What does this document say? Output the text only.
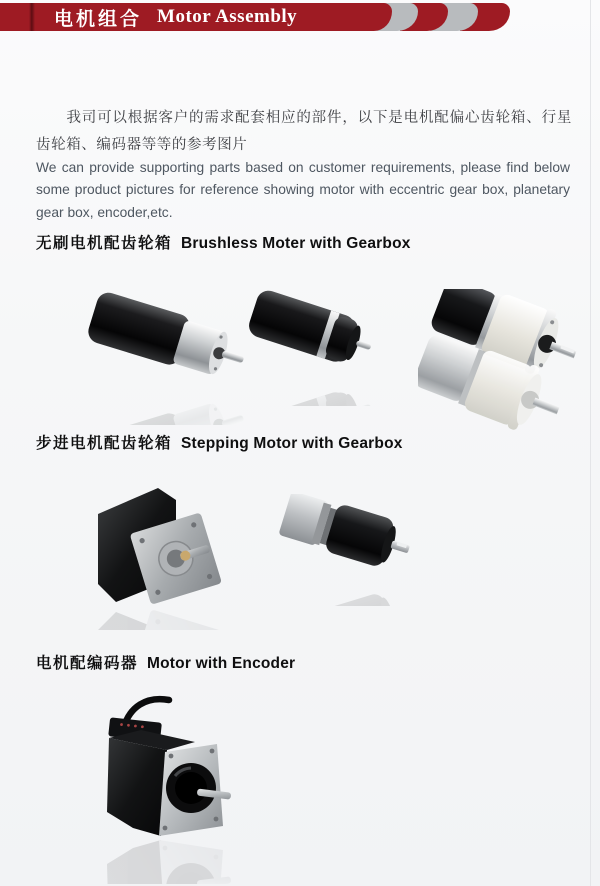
电机组合 Motor Assembly

我司可以根据客户的需求配套相应的部件，以下是电机配偏心齿轮箱、行星齿轮箱、编码器等等的参考图片

We can provide supporting parts based on customer requirements, please find below some product pictures for reference showing motor with eccentric gear box, planetary gear box, encoder,etc.

无刷电机配齿轮箱 Brushless Moter with Gearbox
步进电机配齿轮箱 Stepping Motor with Gearbox
电机配编码器 Motor with Encoder
